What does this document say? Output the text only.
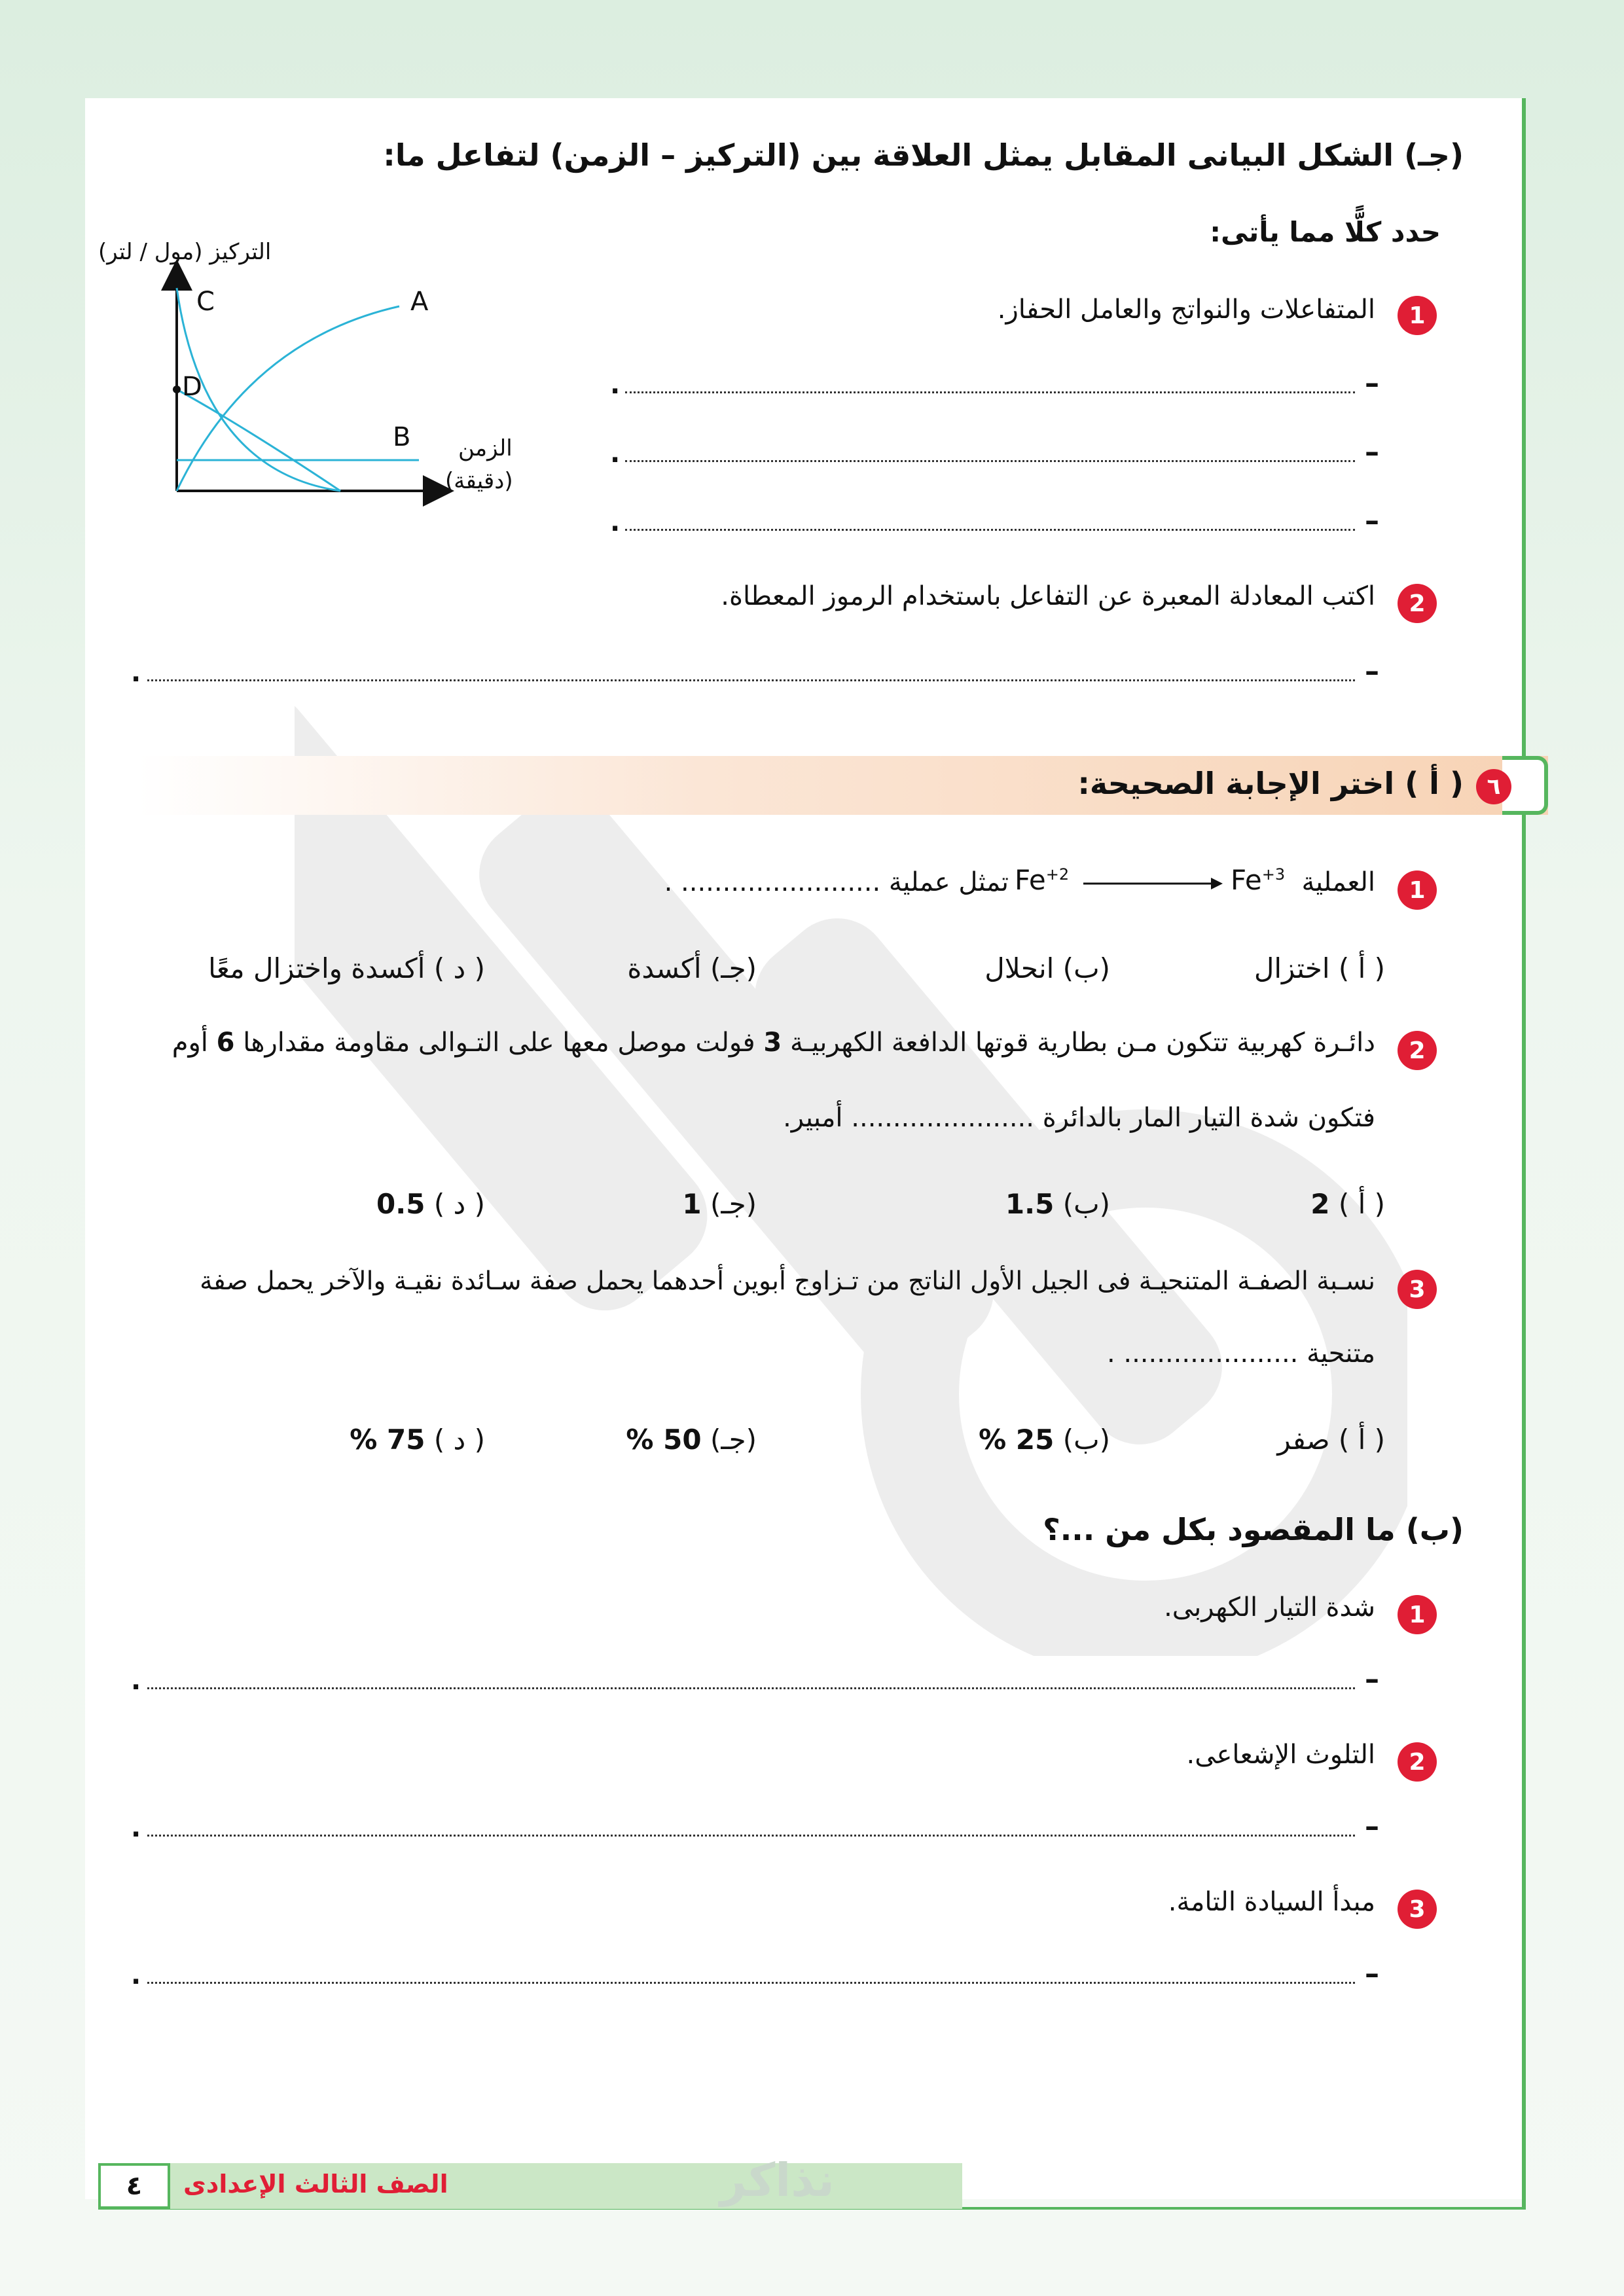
(جـ) الشكل البيانى المقابل يمثل العلاقة بين (التركيز – الزمن) لتفاعل ما:
حدد كلًّا مما يأتى:
1
المتفاعلات والنواتج والعامل الحفاز.
–
.
–
.
–
.
2
اكتب المعادلة المعبرة عن التفاعل باستخدام الرموز المعطاة.
–
.
التركيز (مول / لتر)
C	A
D
B الزمن
(دقيقة)
٦
( أ ) اختر الإجابة الصحيحة:
1
العملية
$Fe^{+3}$
$Fe^{+2}$
تمثل عملية ........................ .
( أ ) اختزال
(ب) انحلال
(جـ) أكسدة
( د ) أكسدة واختزال معًا
2
دائـرة كهربية تتكون مـن بطارية قوتها الدافعة الكهربيـة 3 فولت موصل معها على التـوالى مقاومة مقدارها 6 أوم
فتكون شدة التيار المار بالدائرة ...................... أمبير.
( أ ) 2
(ب) 1.5
(جـ) 1
( د ) 0.5
3
نسـبة الصفـة المتنحيـة فى الجيل الأول الناتج من تـزاوج أبوين أحدهما يحمل صفة سـائدة نقيـة والآخر يحمل صفة
متنحية ..................... .
( أ ) صفر
(ب) 25 %
(جـ) 50 %
( د ) 75 %
(ب) ما المقصود بكل من ...؟
1
شدة التيار الكهربى.
–
.
2
التلوث الإشعاعى.
–
.
3
مبدأ السيادة التامة.
–
.
٤	الصف الثالث الإعدادى	نذاكر
